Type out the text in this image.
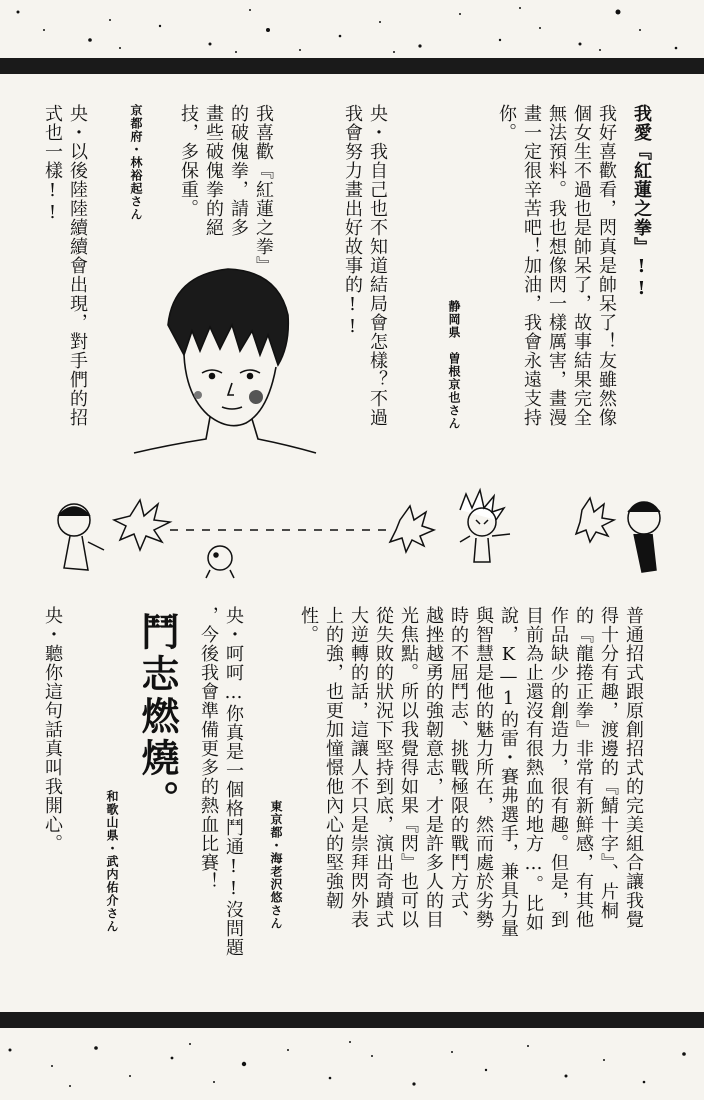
我愛『紅蓮之拳』!!
我好喜歡看，閃真是帥呆了！友雖然像
個女生不過也是帥呆了，故事結果完全
無法預料。我也想像閃一樣厲害，畫漫
畫一定很辛苦吧！加油，我會永遠支持
你。
静岡県　曽根京也さん
央・我自己也不知道結局會怎樣？不過
我會努力畫出好故事的!!
我喜歡『紅蓮之拳』
的破傀拳，請多
畫些破傀拳的絕
技，多保重。
京都府・林裕起さん
央・以後陸陸續續會出現，對手們的招
式也一樣!!
普通招式跟原創招式的完美組合讓我覺
得十分有趣，渡邊的『鯖十字』、片桐
的『龍捲正拳』非常有新鮮感，有其他
作品缺少的創造力，很有趣。但是，到
目前為止還沒有很熱血的地方…。比如
說，K—1的雷・賽弗選手，兼具力量
與智慧是他的魅力所在，然而處於劣勢
時的不屈鬥志、挑戰極限的戰鬥方式、
越挫越勇的強韌意志，才是許多人的目
光焦點。所以我覺得如果『閃』也可以
從失敗的狀況下堅持到底，演出奇蹟式
大逆轉的話，這讓人不只是崇拜閃外表
上的強，也更加憧憬他內心的堅強韌
性。
東京都・海老沢悠さん
央・呵呵…你真是一個格鬥通!!沒問題
，今後我會準備更多的熱血比賽！
鬥志燃燒。
和歌山県・武内佑介さん
央・聽你這句話真叫我開心。
